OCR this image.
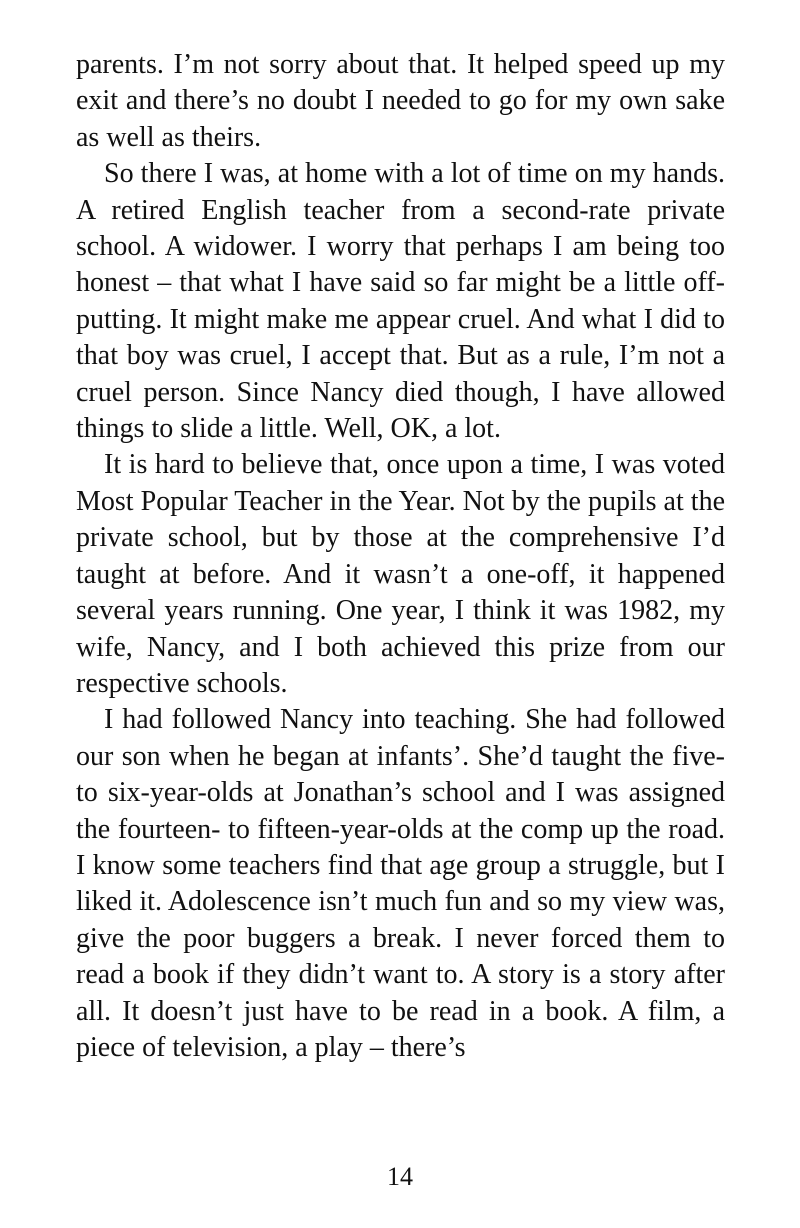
parents. I’m not sorry about that. It helped speed up my exit and there’s no doubt I needed to go for my own sake as well as theirs.

So there I was, at home with a lot of time on my hands. A retired English teacher from a second-rate private school. A widower. I worry that perhaps I am being too honest – that what I have said so far might be a little off-putting. It might make me appear cruel. And what I did to that boy was cruel, I accept that. But as a rule, I’m not a cruel person. Since Nancy died though, I have allowed things to slide a little. Well, OK, a lot.

It is hard to believe that, once upon a time, I was voted Most Popular Teacher in the Year. Not by the pupils at the private school, but by those at the comprehensive I’d taught at before. And it wasn’t a one-off, it happened several years running. One year, I think it was 1982, my wife, Nancy, and I both achieved this prize from our respective schools.

I had followed Nancy into teaching. She had followed our son when he began at infants’. She’d taught the five- to six-year-olds at Jonathan’s school and I was assigned the fourteen- to fifteen-year-olds at the comp up the road. I know some teachers find that age group a struggle, but I liked it. Adolescence isn’t much fun and so my view was, give the poor buggers a break. I never forced them to read a book if they didn’t want to. A story is a story after all. It doesn’t just have to be read in a book. A film, a piece of television, a play – there’s

14
